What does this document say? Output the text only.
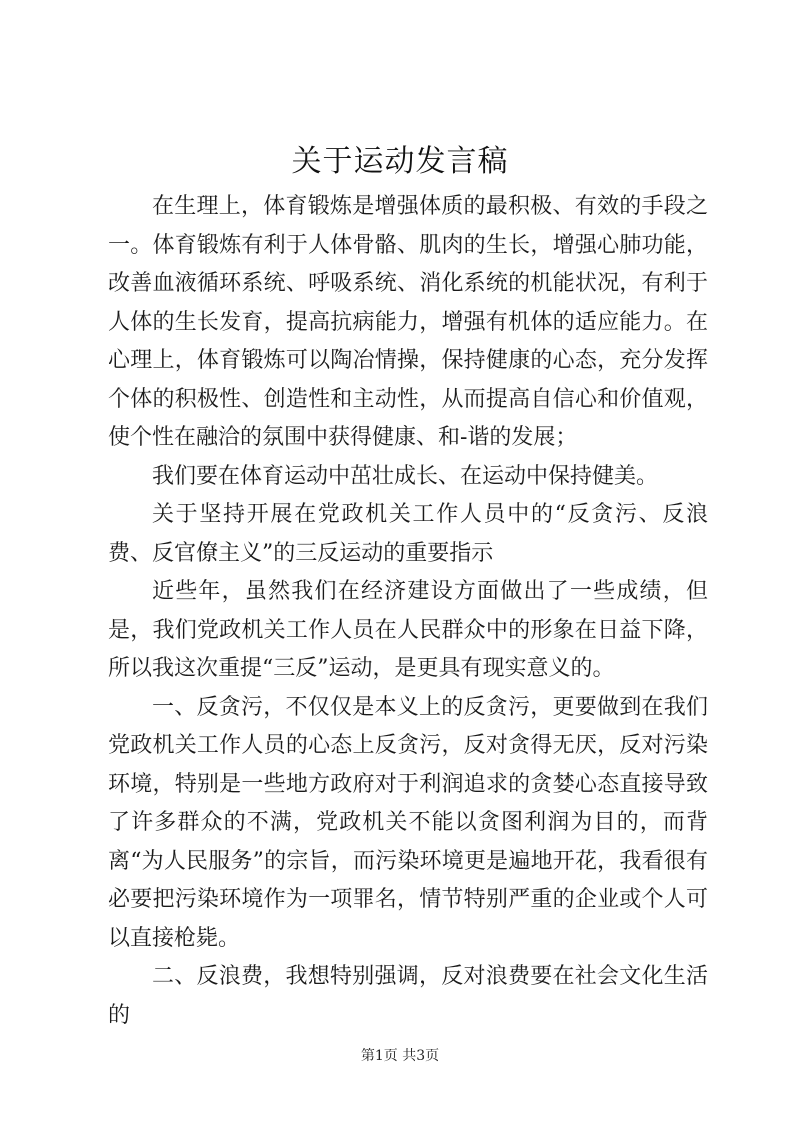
关于运动发言稿

在生理上，体育锻炼是增强体质的最积极、有效的手段之一。体育锻炼有利于人体骨骼、肌肉的生长，增强心肺功能，改善血液循环系统、呼吸系统、消化系统的机能状况，有利于人体的生长发育，提高抗病能力，增强有机体的适应能力。在心理上，体育锻炼可以陶冶情操，保持健康的心态，充分发挥个体的积极性、创造性和主动性，从而提高自信心和价值观，使个性在融洽的氛围中获得健康、和-谐的发展；

我们要在体育运动中茁壮成长、在运动中保持健美。

关于坚持开展在党政机关工作人员中的“反贪污、反浪费、反官僚主义”的三反运动的重要指示

近些年，虽然我们在经济建设方面做出了一些成绩，但是，我们党政机关工作人员在人民群众中的形象在日益下降，所以我这次重提“三反”运动，是更具有现实意义的。

一、反贪污，不仅仅是本义上的反贪污，更要做到在我们党政机关工作人员的心态上反贪污，反对贪得无厌，反对污染环境，特别是一些地方政府对于利润追求的贪婪心态直接导致了许多群众的不满，党政机关不能以贪图利润为目的，而背离“为人民服务”的宗旨，而污染环境更是遍地开花，我看很有必要把污染环境作为一项罪名，情节特别严重的企业或个人可以直接枪毙。

二、反浪费，我想特别强调，反对浪费要在社会文化生活的

第1页 共3页
